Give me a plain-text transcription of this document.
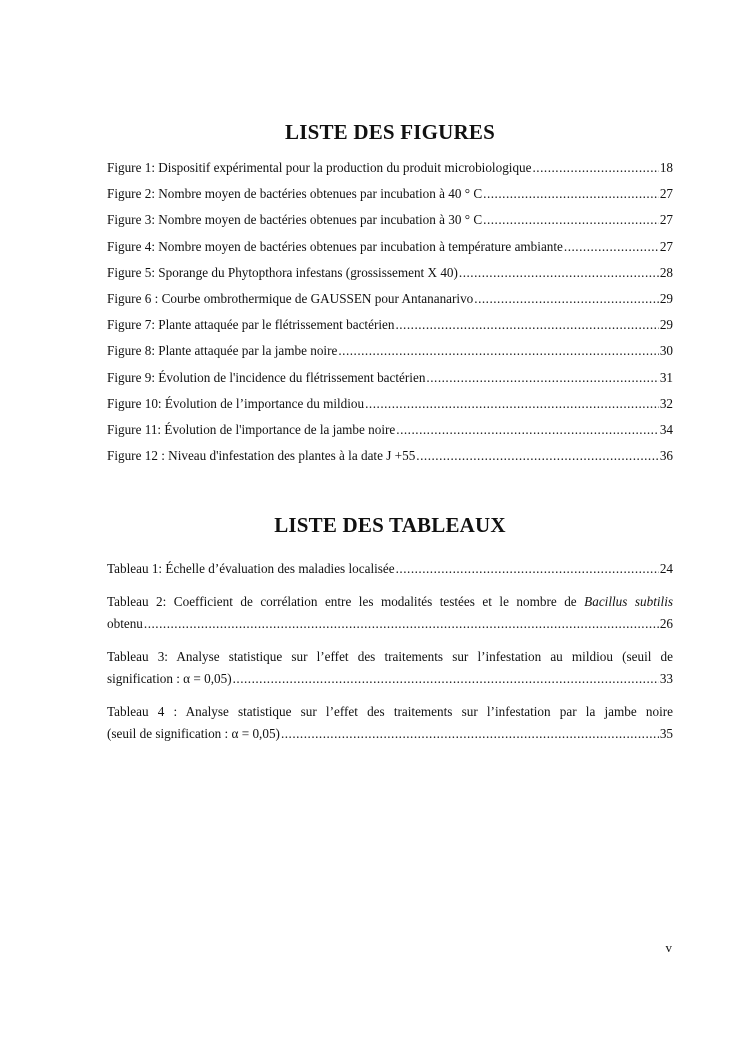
LISTE DES FIGURES
Figure 1: Dispositif expérimental pour la production du produit microbiologique .....	18
Figure 2: Nombre moyen de bactéries obtenues par incubation à 40 ° C .....	27
Figure 3: Nombre moyen de bactéries obtenues par incubation à 30 ° C .....	27
Figure 4: Nombre moyen de bactéries obtenues par incubation à température ambiante .....	27
Figure 5: Sporange du Phytopthora infestans (grossissement X 40) .....	28
Figure 6 : Courbe ombrothermique de GAUSSEN pour Antananarivo .....	29
Figure 7: Plante attaquée par le flétrissement bactérien .....	29
Figure 8: Plante attaquée par la jambe noire .....	30
Figure 9: Évolution de l'incidence du flétrissement bactérien .....	31
Figure 10: Évolution de l’importance du mildiou .....	32
Figure 11: Évolution de l'importance de la jambe noire .....	34
Figure 12 : Niveau d'infestation des plantes à la date J +55 .....	36
LISTE DES TABLEAUX
Tableau 1: Échelle d’évaluation des maladies localisée .....	24
Tableau 2: Coefficient de corrélation entre les modalités testées et le nombre de Bacillus subtilis
obtenu .....	26
Tableau 3: Analyse statistique sur l’effet des traitements sur l’infestation au mildiou (seuil de
signification : α = 0,05) .....	33
Tableau 4 : Analyse statistique sur l’effet des traitements sur l’infestation par la jambe noire
(seuil de signification : α = 0,05) .....	35
v
